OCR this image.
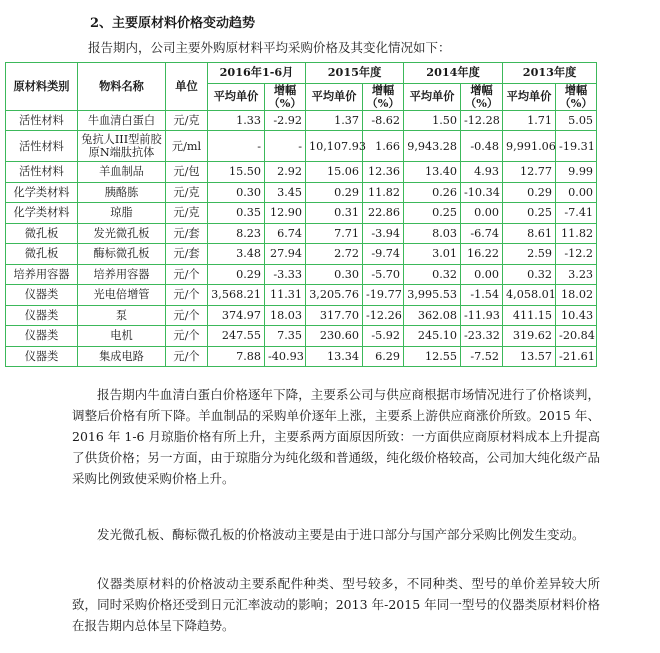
2、主要原材料价格变动趋势
报告期内，公司主要外购原材料平均采购价格及其变化情况如下：
原材料类别	物料名称	单位	2016年1-6月		2015年度		2014年度		2013年度	
			平均单价	增幅（%）	平均单价	增幅（%）	平均单价	增幅（%）	平均单价	增幅（%）
活性材料	牛血清白蛋白	元/克	1.33	-2.92	1.37	-8.62	1.50	-12.28	1.71	5.05
活性材料	兔抗人III型前胶原N端肽抗体	元/ml	-	-	10,107.93	1.66	9,943.28	-0.48	9,991.06	-19.31
活性材料	羊血制品	元/包	15.50	2.92	15.06	12.36	13.40	4.93	12.77	9.99
化学类材料	胰酪胨	元/克	0.30	3.45	0.29	11.82	0.26	-10.34	0.29	0.00
化学类材料	琼脂	元/克	0.35	12.90	0.31	22.86	0.25	0.00	0.25	-7.41
微孔板	发光微孔板	元/套	8.23	6.74	7.71	-3.94	8.03	-6.74	8.61	11.82
微孔板	酶标微孔板	元/套	3.48	27.94	2.72	-9.74	3.01	16.22	2.59	-12.2
培养用容器	培养用容器	元/个	0.29	-3.33	0.30	-5.70	0.32	0.00	0.32	3.23
仪器类	光电倍增管	元/个	3,568.21	11.31	3,205.76	-19.77	3,995.53	-1.54	4,058.01	18.02
仪器类	泵	元/个	374.97	18.03	317.70	-12.26	362.08	-11.93	411.15	10.43
仪器类	电机	元/个	247.55	7.35	230.60	-5.92	245.10	-23.32	319.62	-20.84
仪器类	集成电路	元/个	7.88	-40.93	13.34	6.29	12.55	-7.52	13.57	-21.61
报告期内牛血清白蛋白价格逐年下降，主要系公司与供应商根据市场情况进行了价格谈判，调整后价格有所下降。羊血制品的采购单价逐年上涨，主要系上游供应商涨价所致。2015 年、2016 年 1-6 月琼脂价格有所上升，主要系两方面原因所致：一方面供应商原材料成本上升提高了供货价格；另一方面，由于琼脂分为纯化级和普通级，纯化级价格较高，公司加大纯化级产品采购比例致使采购价格上升。
发光微孔板、酶标微孔板的价格波动主要是由于进口部分与国产部分采购比例发生变动。
仪器类原材料的价格波动主要系配件种类、型号较多，不同种类、型号的单价差异较大所致，同时采购价格还受到日元汇率波动的影响；2013 年-2015 年同一型号的仪器类原材料价格在报告期内总体呈下降趋势。
